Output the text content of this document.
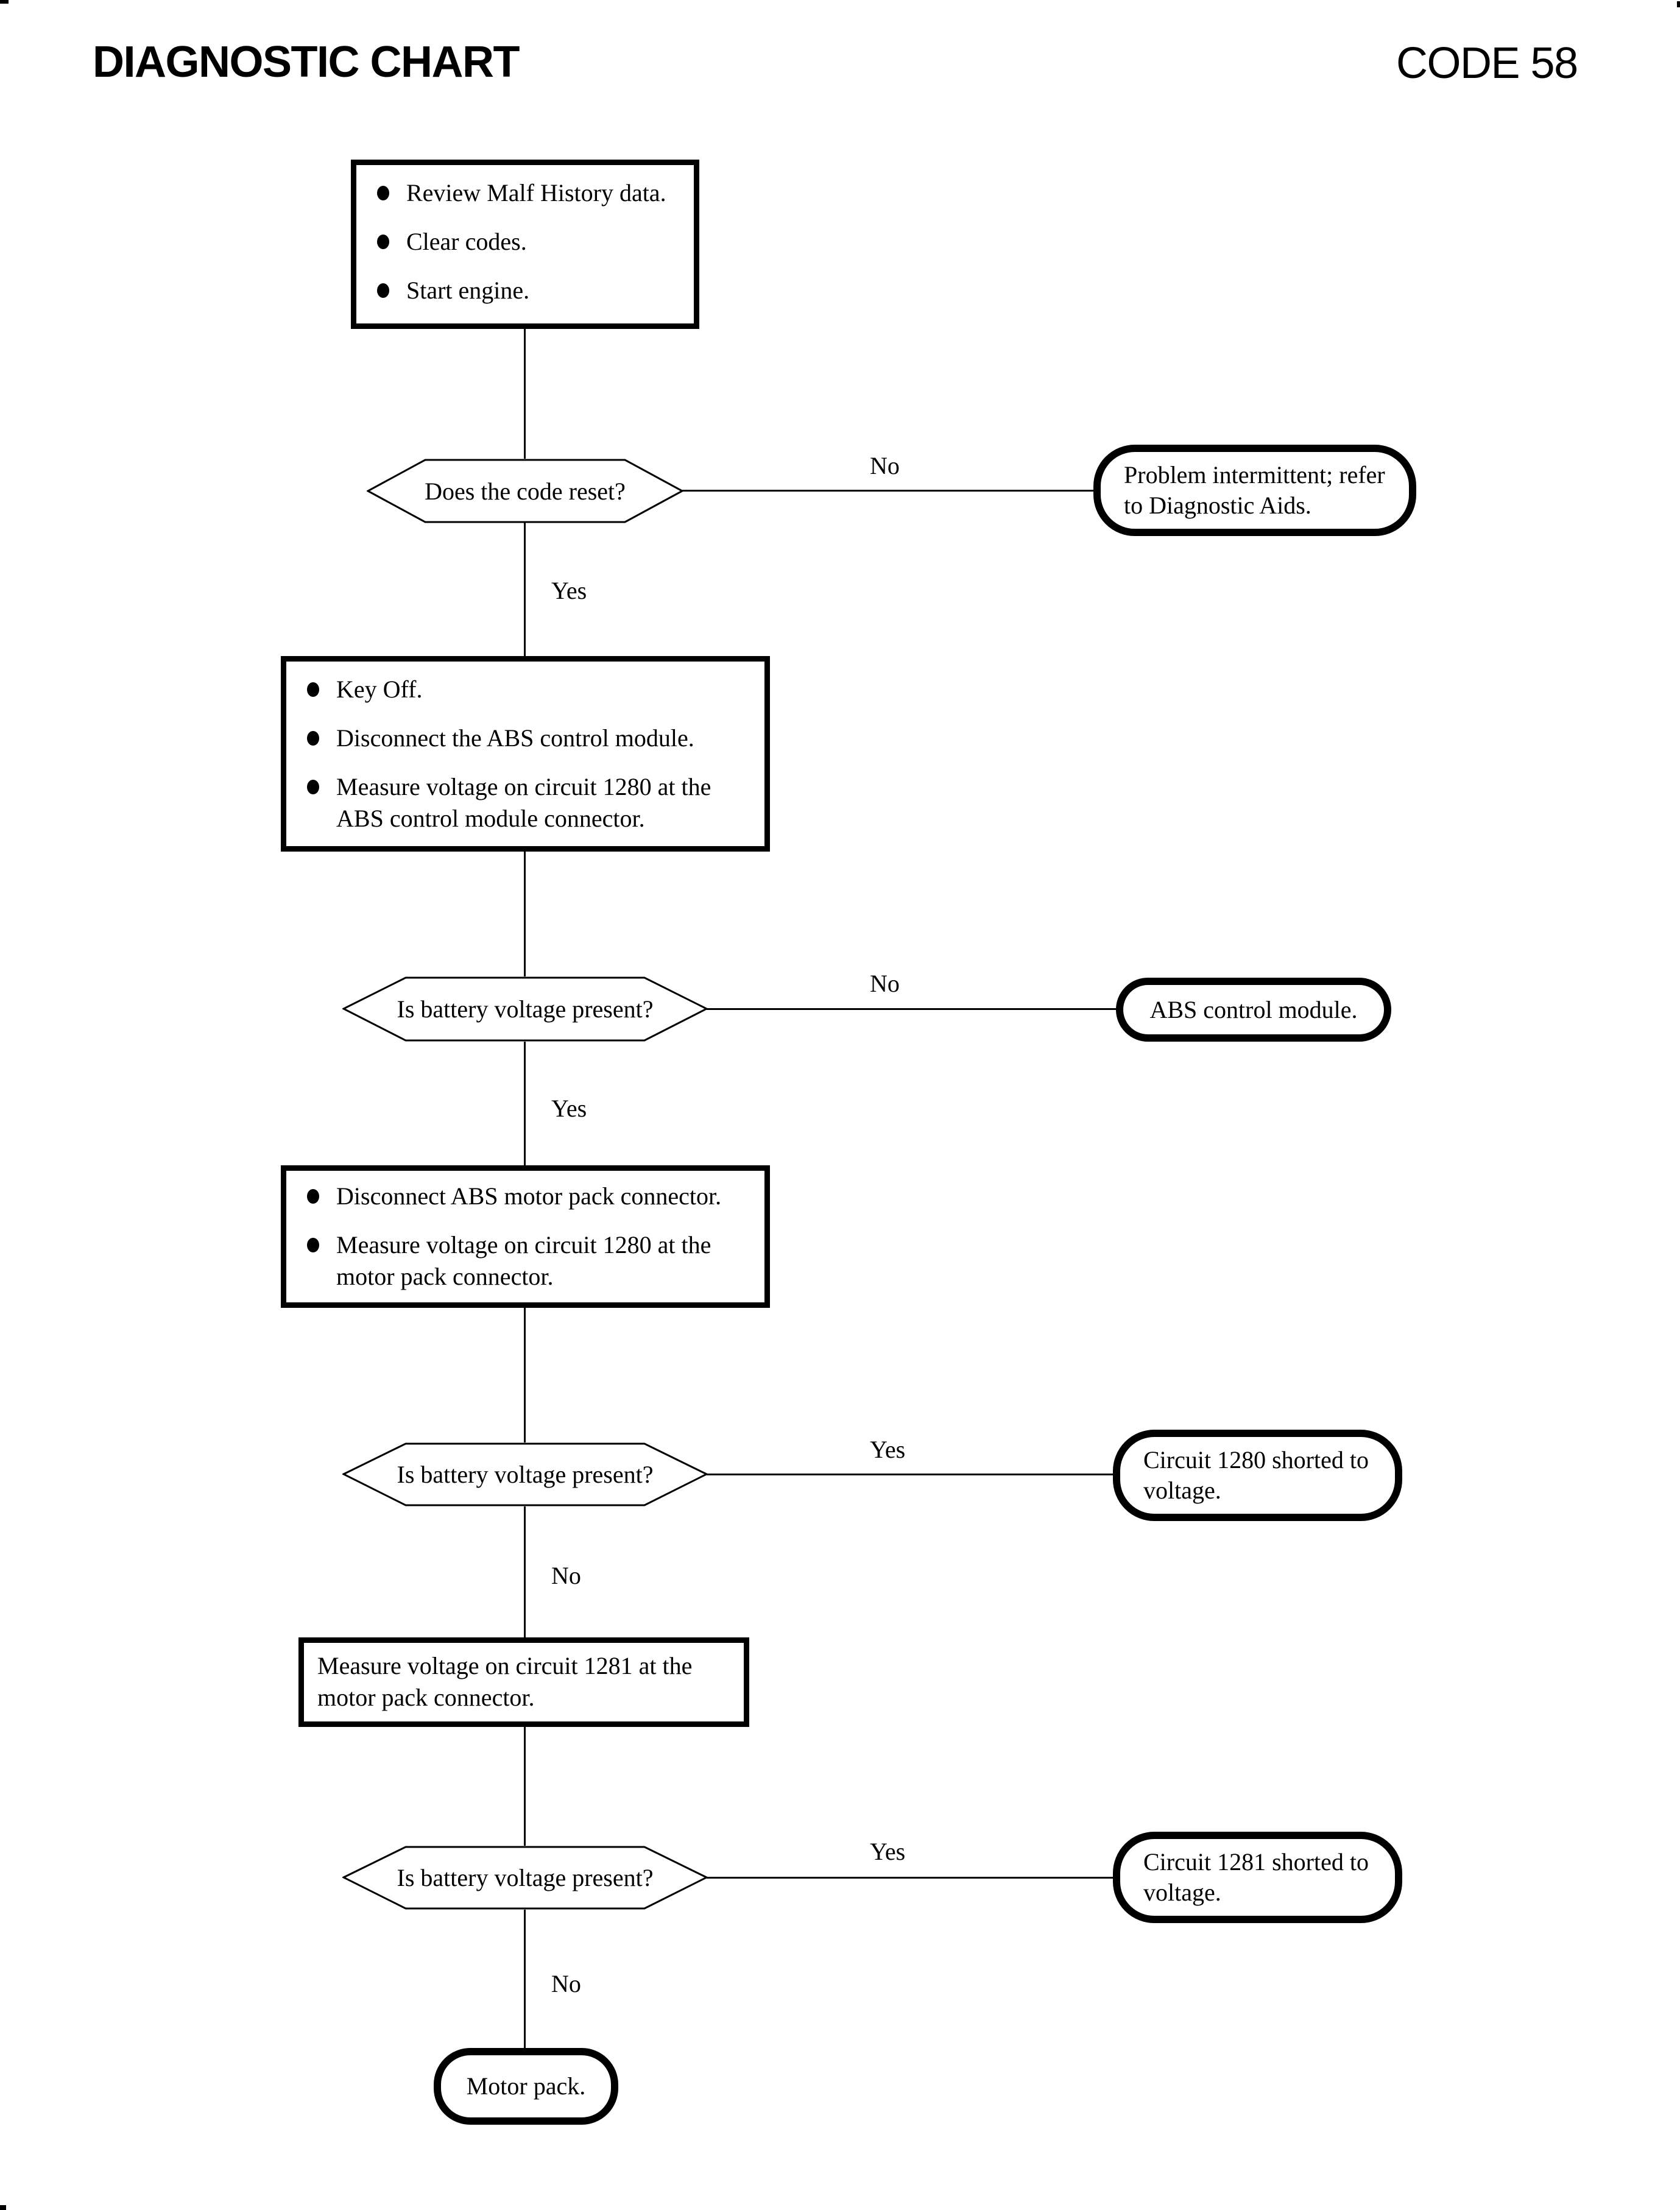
DIAGNOSTIC CHART	CODE 58
Review Malf History data.
Clear codes.
Start engine.
Does the code reset?
No
Yes
Problem intermittent; refer to Diagnostic Aids.
Key Off.
Disconnect the ABS control module.
Measure voltage on circuit 1280 at the ABS control module connector.
Is battery voltage present?
No
Yes
ABS control module.
Disconnect ABS motor pack connector.
Measure voltage on circuit 1280 at the motor pack connector.
Is battery voltage present?
Yes
No
Circuit 1280 shorted to voltage.
Measure voltage on circuit 1281 at the motor pack connector.
Is battery voltage present?
Yes
No
Circuit 1281 shorted to voltage.
Motor pack.
